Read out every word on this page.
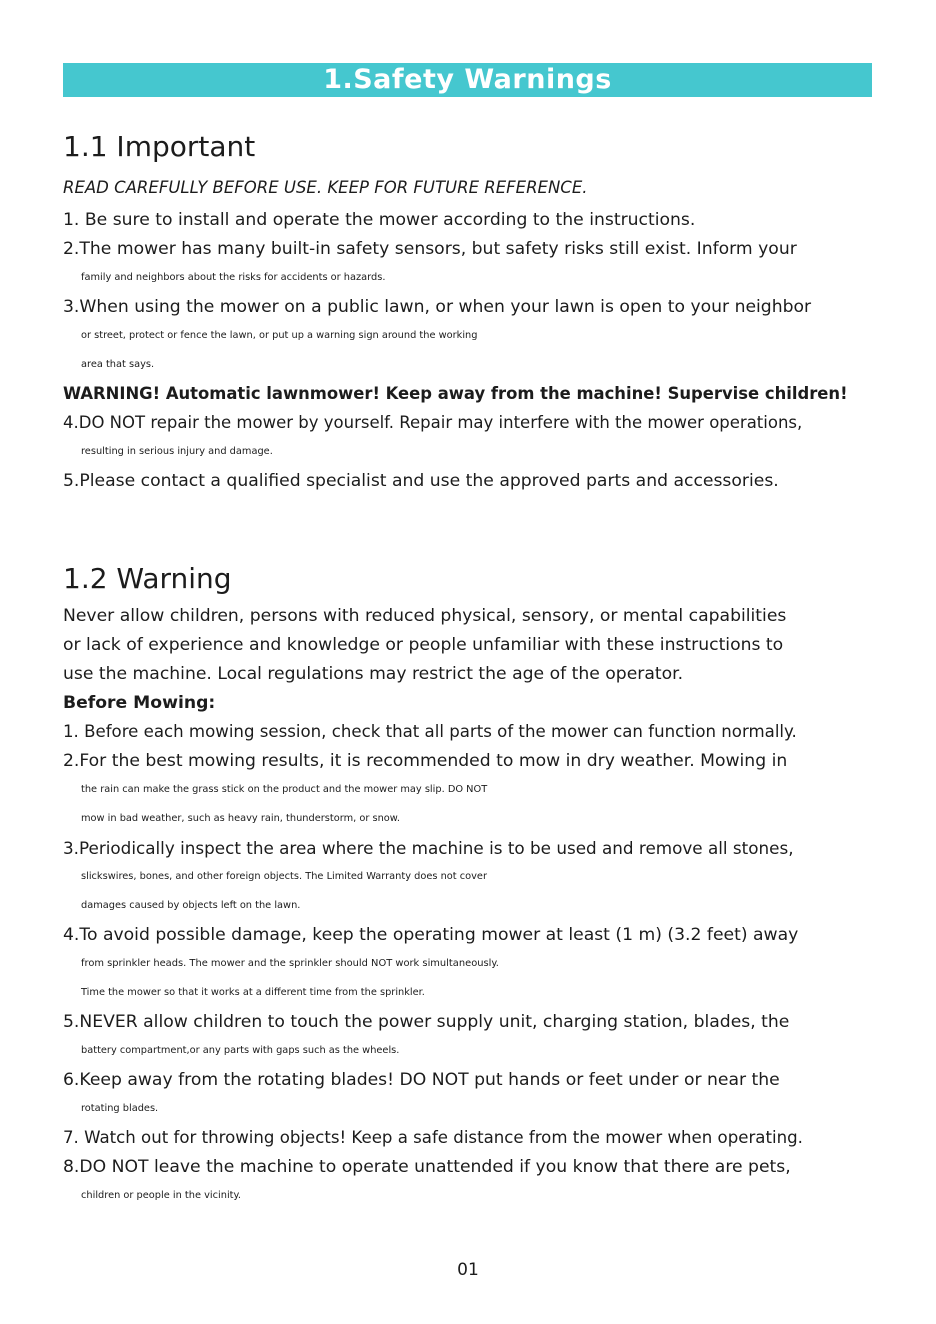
1.Safety Warnings
1.1 Important
READ CAREFULLY BEFORE USE. KEEP FOR FUTURE REFERENCE.
1. Be sure to install and operate the mower according to the instructions.
2.The mower has many built-in safety sensors, but safety risks still exist. Inform your
family and neighbors about the risks for accidents or hazards.
3.When using the mower on a public lawn, or when your lawn is open to your neighbor
or street, protect or fence the lawn, or put up a warning sign around the working
area that says.
WARNING! Automatic lawnmower! Keep away from the machine! Supervise children!
4.DO NOT repair the mower by yourself. Repair may interfere with the mower operations,
resulting in serious injury and damage.
5.Please contact a qualified specialist and use the approved parts and accessories.
1.2 Warning
Never allow children, persons with reduced physical, sensory, or mental capabilities
or lack of experience and knowledge or people unfamiliar with these instructions to
use the machine. Local regulations may restrict the age of the operator.
Before Mowing:
1. Before each mowing session, check that all parts of the mower can function normally.
2.For the best mowing results, it is recommended to mow in dry weather. Mowing in
the rain can make the grass stick on the product and the mower may slip. DO NOT
mow in bad weather, such as heavy rain, thunderstorm, or snow.
3.Periodically inspect the area where the machine is to be used and remove all stones,
slickswires, bones, and other foreign objects. The Limited Warranty does not cover
damages caused by objects left on the lawn.
4.To avoid possible damage, keep the operating mower at least (1 m) (3.2 feet) away
from sprinkler heads. The mower and the sprinkler should NOT work simultaneously.
Time the mower so that it works at a different time from the sprinkler.
5.NEVER allow children to touch the power supply unit, charging station, blades, the
battery compartment,or any parts with gaps such as the wheels.
6.Keep away from the rotating blades! DO NOT put hands or feet under or near the
rotating blades.
7. Watch out for throwing objects! Keep a safe distance from the mower when operating.
8.DO NOT leave the machine to operate unattended if you know that there are pets,
children or people in the vicinity.
01
